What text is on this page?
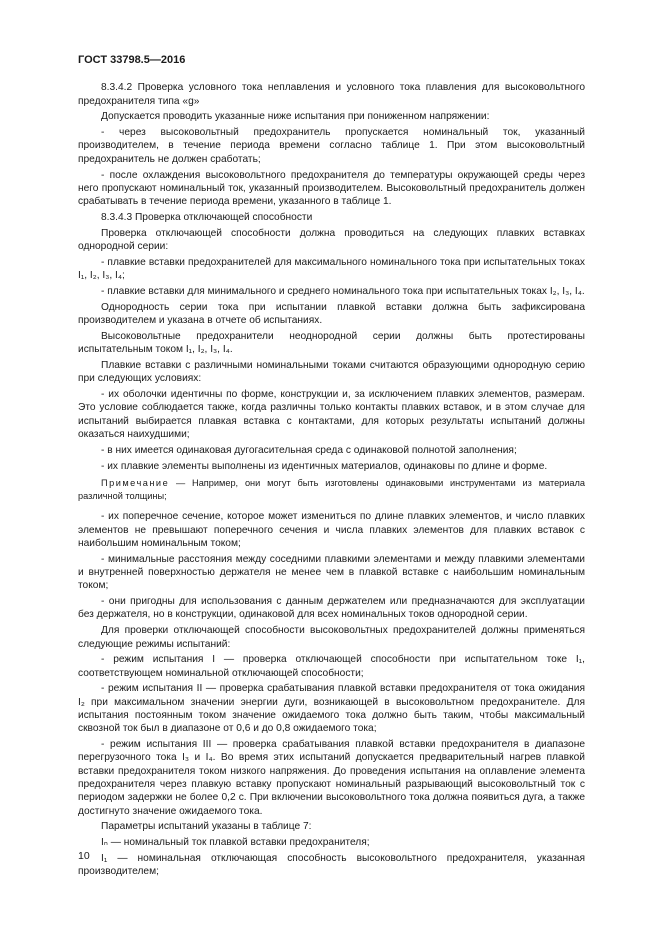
ГОСТ 33798.5—2016
8.3.4.2 Проверка условного тока неплавления и условного тока плавления для высоковольтного предохранителя типа «g»
Допускается проводить указанные ниже испытания при пониженном напряжении:
- через высоковольтный предохранитель пропускается номинальный ток, указанный производителем, в течение периода времени согласно таблице 1. При этом высоковольтный предохранитель не должен сработать;
- после охлаждения высоковольтного предохранителя до температуры окружающей среды через него пропускают номинальный ток, указанный производителем. Высоковольтный предохранитель должен срабатывать в течение периода времени, указанного в таблице 1.
8.3.4.3 Проверка отключающей способности
Проверка отключающей способности должна проводиться на следующих плавких вставках однородной серии:
- плавкие вставки предохранителей для максимального номинального тока при испытательных токах I₁, I₂, I₃, I₄;
- плавкие вставки для минимального и среднего номинального тока при испытательных токах I₂, I₃, I₄.
Однородность серии тока при испытании плавкой вставки должна быть зафиксирована производителем и указана в отчете об испытаниях.
Высоковольтные предохранители неоднородной серии должны быть протестированы испытательным током I₁, I₂, I₃, I₄.
Плавкие вставки с различными номинальными токами считаются образующими однородную серию при следующих условиях:
- их оболочки идентичны по форме, конструкции и, за исключением плавких элементов, размерам. Это условие соблюдается также, когда различны только контакты плавких вставок, и в этом случае для испытаний выбирается плавкая вставка с контактами, для которых результаты испытаний должны оказаться наихудшими;
- в них имеется одинаковая дугогасительная среда с одинаковой полнотой заполнения;
- их плавкие элементы выполнены из идентичных материалов, одинаковы по длине и форме.
Примечание — Например, они могут быть изготовлены одинаковыми инструментами из материала различной толщины;
- их поперечное сечение, которое может измениться по длине плавких элементов, и число плавких элементов не превышают поперечного сечения и числа плавких элементов для плавких вставок с наибольшим номинальным током;
- минимальные расстояния между соседними плавкими элементами и между плавкими элементами и внутренней поверхностью держателя не менее чем в плавкой вставке с наибольшим номинальным током;
- они пригодны для использования с данным держателем или предназначаются для эксплуатации без держателя, но в конструкции, одинаковой для всех номинальных токов однородной серии.
Для проверки отключающей способности высоковольтных предохранителей должны применяться следующие режимы испытаний:
- режим испытания I — проверка отключающей способности при испытательном токе I₁, соответствующем номинальной отключающей способности;
- режим испытания II — проверка срабатывания плавкой вставки предохранителя от тока ожидания I₂ при максимальном значении энергии дуги, возникающей в высоковольтном предохранителе. Для испытания постоянным током значение ожидаемого тока должно быть таким, чтобы максимальный сквозной ток был в диапазоне от 0,6 и до 0,8 ожидаемого тока;
- режим испытания III — проверка срабатывания плавкой вставки предохранителя в диапазоне перегрузочного тока I₃ и I₄. Во время этих испытаний допускается предварительный нагрев плавкой вставки предохранителя током низкого напряжения. До проведения испытания на оплавление элемента предохранителя через плавкую вставку пропускают номинальный разрывающий высоковольтный ток с периодом задержки не более 0,2 с. При включении высоковольтного тока должна появиться дуга, а также достигнуто значение ожидаемого тока.
Параметры испытаний указаны в таблице 7:
Iₙ — номинальный ток плавкой вставки предохранителя;
I₁ — номинальная отключающая способность высоковольтного предохранителя, указанная производителем;
10
